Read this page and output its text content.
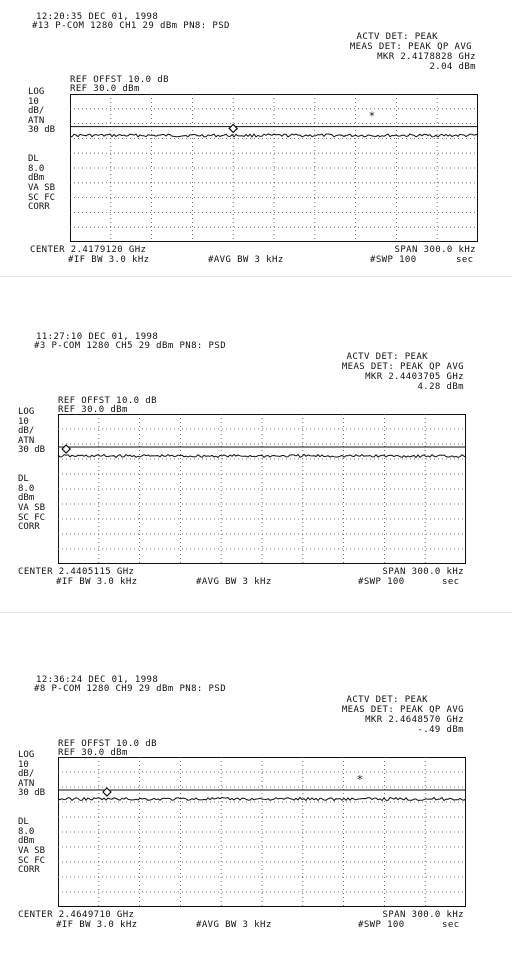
12:20:35 DEC 01, 1998
#13 P-COM 1280 CH1 29 dBm PN8: PSD
ACTV DET: PEAK
MEAS DET: PEAK QP AVG
MKR 2.4178828 GHz
2.04 dBm
REF OFFST 10.0 dB
REF 30.0 dBm
LOG
10
dB/
ATN
30 dB

DL
8.0
dBm
VA SB
SC FC
CORR
*
CENTER 2.4179120 GHz	SPAN 300.0 kHz
#IF BW 3.0 kHz	#AVG BW 3 kHz	#SWP 100	sec
11:27:10 DEC 01, 1998
#3 P-COM 1280 CH5 29 dBm PN8: PSD
ACTV DET: PEAK
MEAS DET: PEAK QP AVG
MKR 2.4403705 GHz
4.28 dBm
REF OFFST 10.0 dB
REF 30.0 dBm
LOG
10
dB/
ATN
30 dB

DL
8.0
dBm
VA SB
SC FC
CORR
CENTER 2.4405115 GHz	SPAN 300.0 kHz
#IF BW 3.0 kHz	#AVG BW 3 kHz	#SWP 100	sec
12:36:24 DEC 01, 1998
#8 P-COM 1280 CH9 29 dBm PN8: PSD
ACTV DET: PEAK
MEAS DET: PEAK QP AVG
MKR 2.4648570 GHz
-.49 dBm
REF OFFST 10.0 dB
REF 30.0 dBm
LOG
10
dB/
ATN
30 dB

DL
8.0
dBm
VA SB
SC FC
CORR
*
CENTER 2.4649710 GHz	SPAN 300.0 kHz
#IF BW 3.0 kHz	#AVG BW 3 kHz	#SWP 100	sec
